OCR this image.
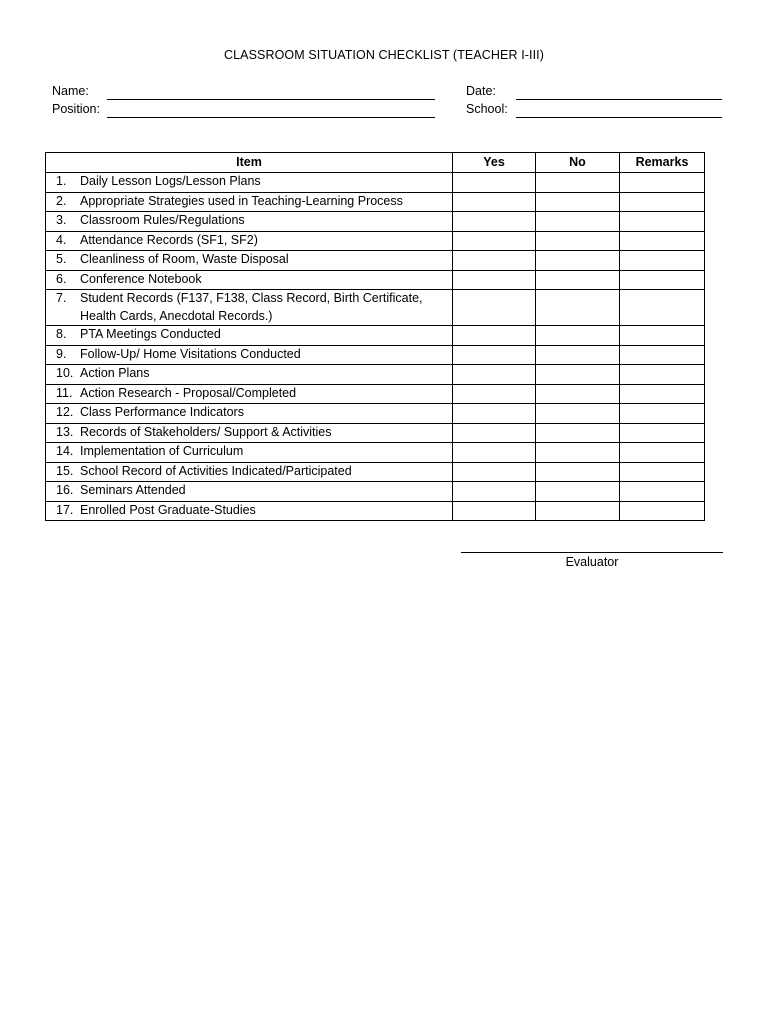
CLASSROOM SITUATION CHECKLIST (TEACHER I-III)
Name:
Position:
Date:
School:
Item	Yes	No	Remarks

1. Daily Lesson Logs/Lesson Plans			

2. Appropriate Strategies used in Teaching-Learning Process			

3. Classroom Rules/Regulations			

4. Attendance Records (SF1, SF2)			

5. Cleanliness of Room, Waste Disposal			

6. Conference Notebook			

7. Student Records (F137, F138, Class Record, Birth Certificate, Health Cards, Anecdotal Records.)			

8. PTA Meetings Conducted			

9. Follow-Up/ Home Visitations Conducted			

10. Action Plans			

11. Action Research - Proposal/Completed			

12. Class Performance Indicators			

13. Records of Stakeholders/ Support & Activities			

14. Implementation of Curriculum			

15. School Record of Activities Indicated/Participated			

16. Seminars Attended			

17. Enrolled Post Graduate-Studies			

Evaluator
